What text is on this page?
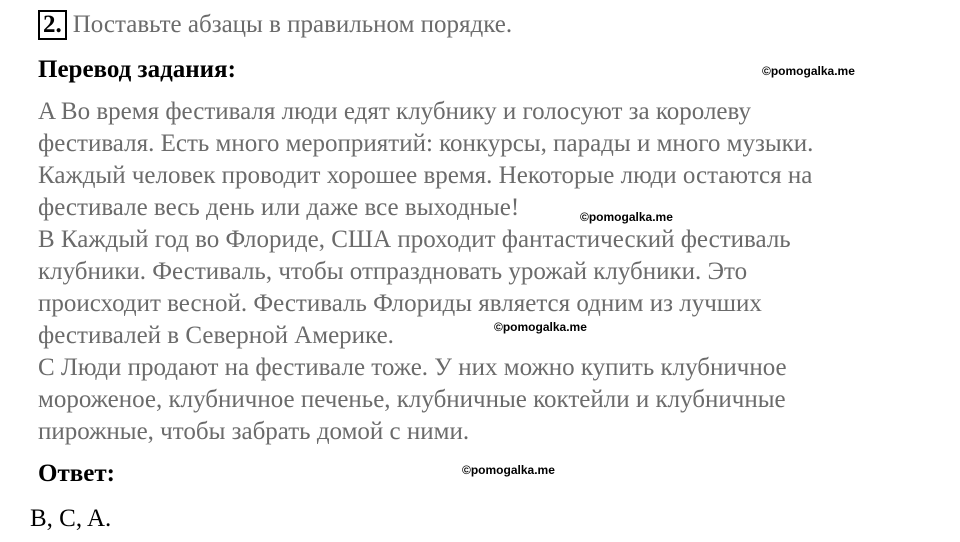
2. Поставьте абзацы в правильном порядке.
Перевод задания:	©pomogalka.me

A Во время фестиваля люди едят клубнику и голосуют за королеву
фестиваля. Есть много мероприятий: конкурсы, парады и много музыки.
Каждый человек проводит хорошее время. Некоторые люди остаются на
фестивале весь день или даже все выходные!

B Каждый год во Флориде, США проходит фантастический фестиваль
клубники. Фестиваль, чтобы отпраздновать урожай клубники. Это
происходит весной. Фестиваль Флориды является одним из лучших
фестивалей в Северной Америке.

C Люди продают на фестивале тоже. У них можно купить клубничное
мороженое, клубничное печенье, клубничные коктейли и клубничные
пирожные, чтобы забрать домой с ними.

©pomogalka.me
©pomogalka.me
Ответ:	©pomogalka.me
B, C, A.
